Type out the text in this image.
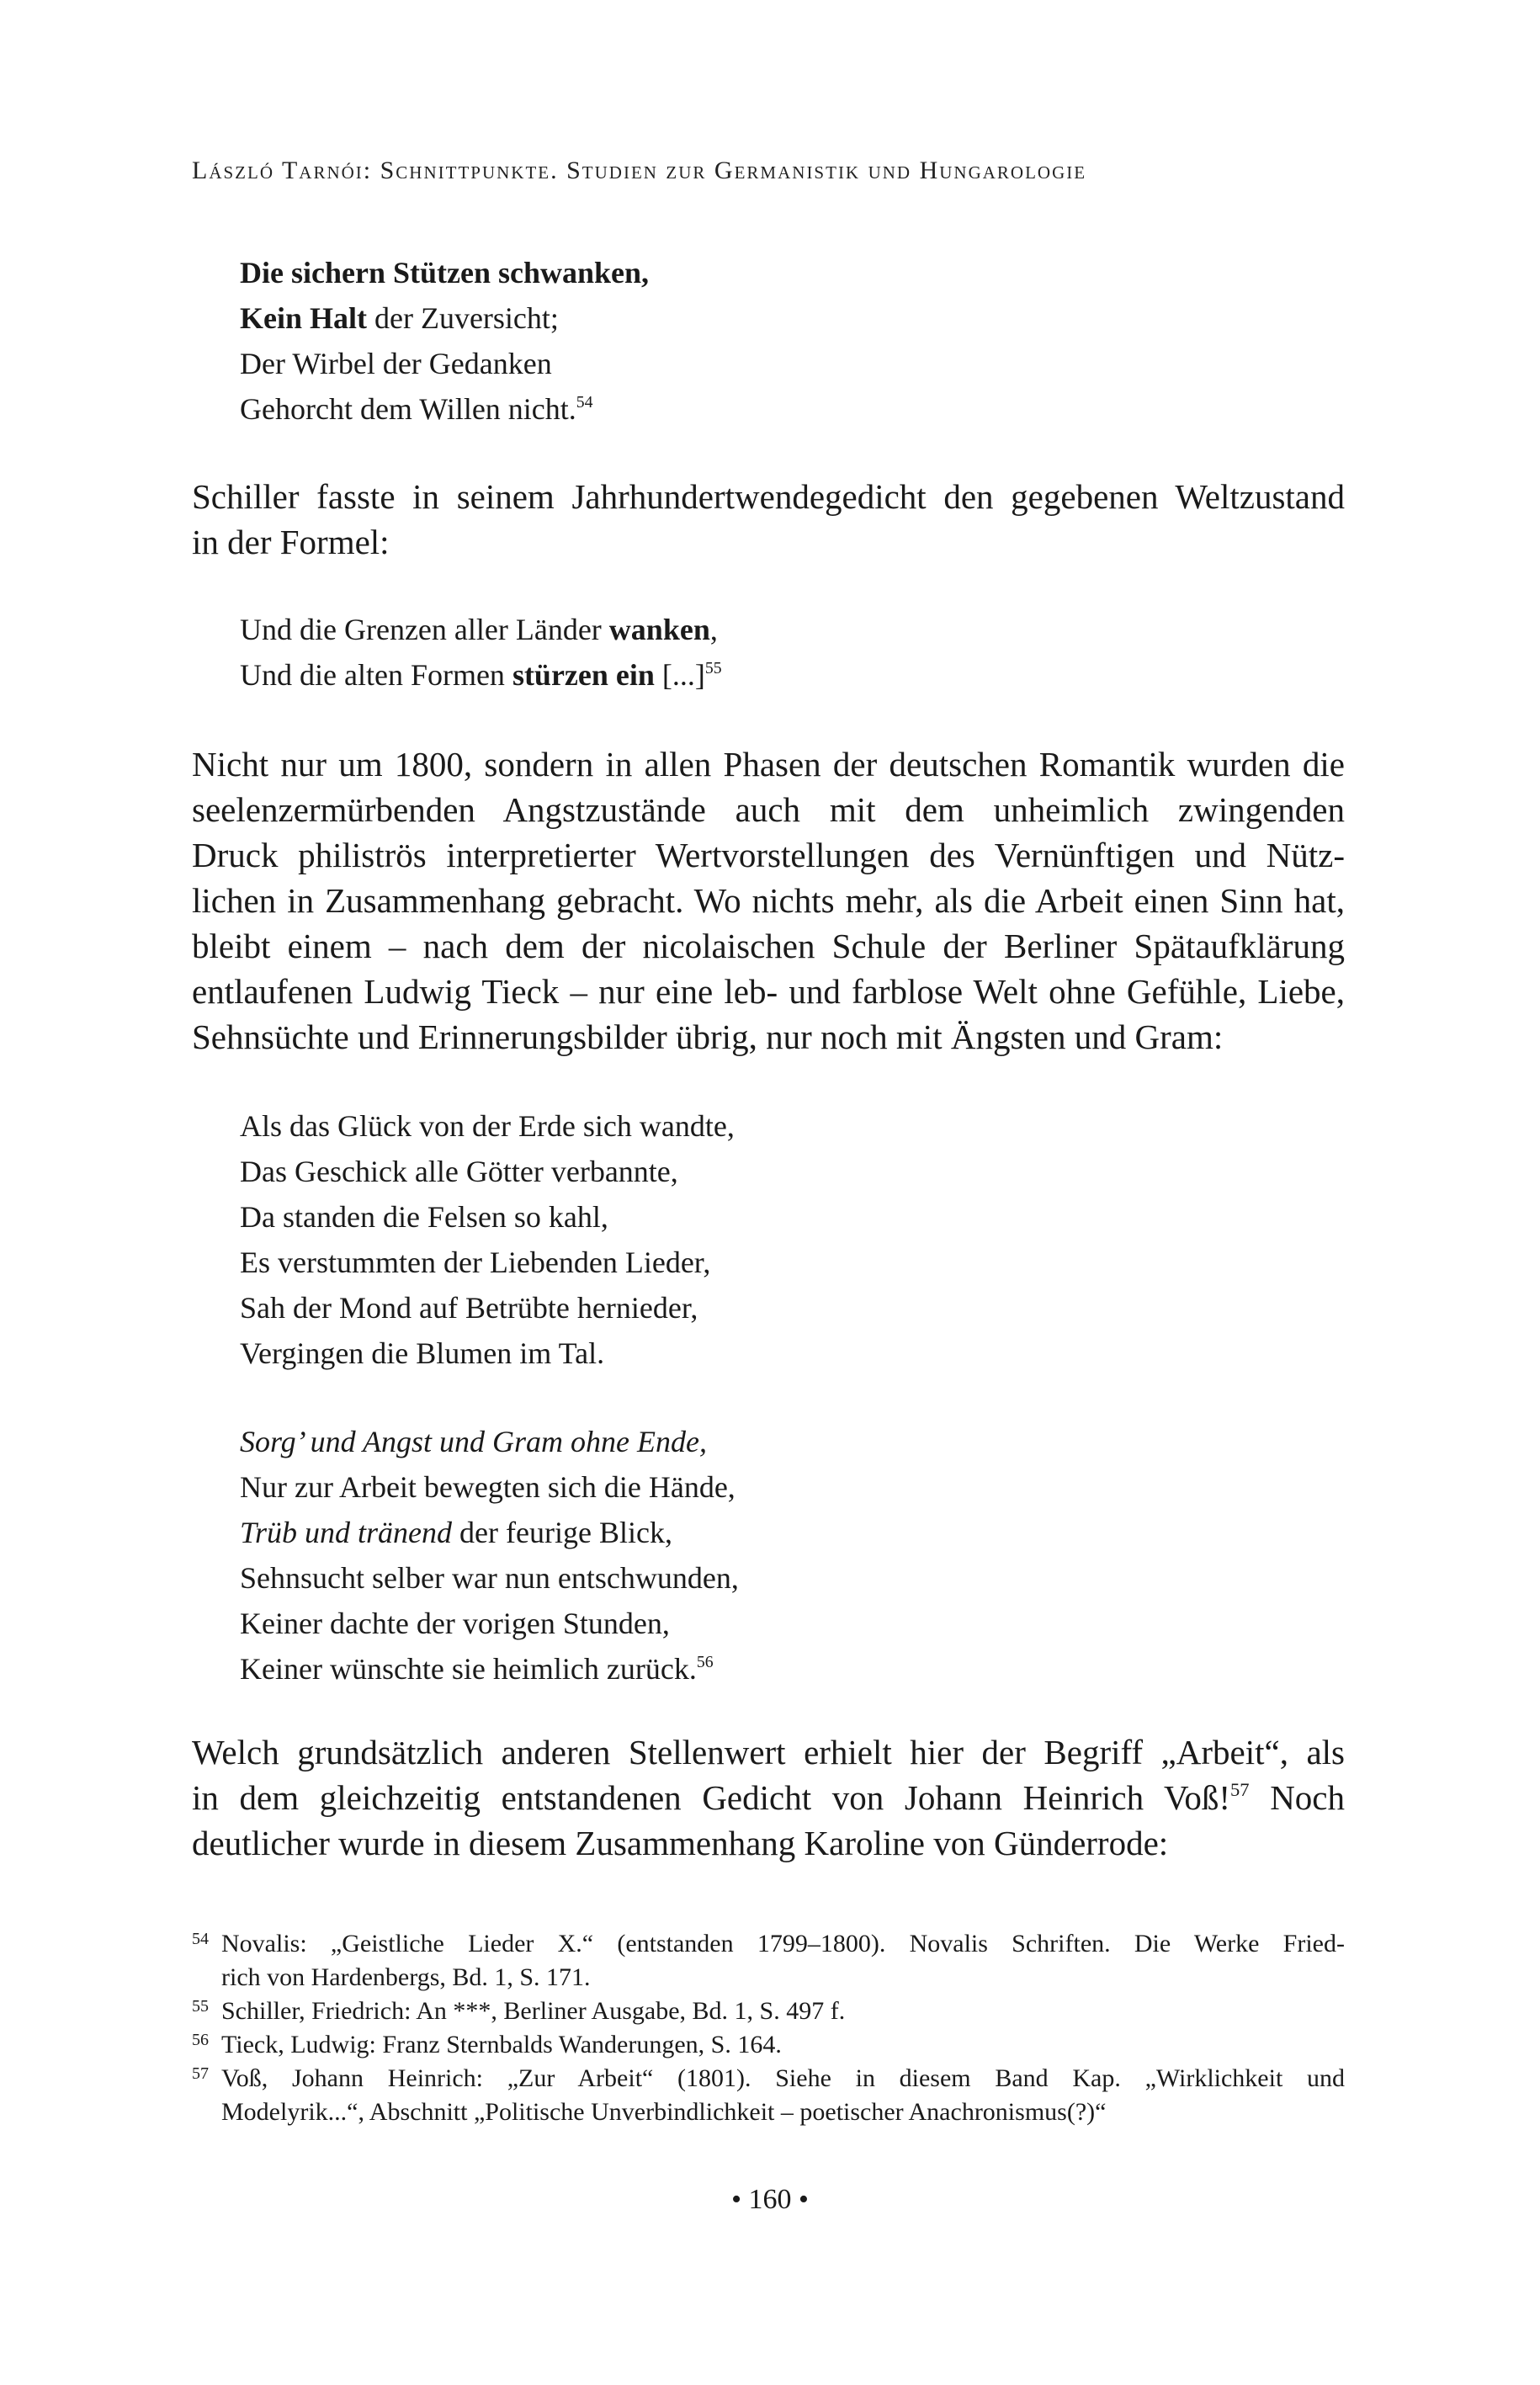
László Tarnói: Schnittpunkte. Studien zur Germanistik und Hungarologie
Die sichern Stützen schwanken,
Kein Halt der Zuversicht;
Der Wirbel der Gedanken
Gehorcht dem Willen nicht.$^{54}$
Schiller fasste in seinem Jahrhundertwendegedicht den gegebenen Weltzustand
in der Formel:
Und die Grenzen aller Länder wanken,
Und die alten Formen stürzen ein [...]$^{55}$
Nicht nur um 1800, sondern in allen Phasen der deutschen Romantik wurden die
seelenzermürbenden Angstzustände auch mit dem unheimlich zwingenden
Druck philiströs interpretierter Wertvorstellungen des Vernünftigen und Nütz-
lichen in Zusammenhang gebracht. Wo nichts mehr, als die Arbeit einen Sinn hat,
bleibt einem – nach dem der nicolaischen Schule der Berliner Spätaufklärung
entlaufenen Ludwig Tieck – nur eine leb- und farblose Welt ohne Gefühle, Liebe,
Sehnsüchte und Erinnerungsbilder übrig, nur noch mit Ängsten und Gram:
Als das Glück von der Erde sich wandte,
Das Geschick alle Götter verbannte,
Da standen die Felsen so kahl,
Es verstummten der Liebenden Lieder,
Sah der Mond auf Betrübte hernieder,
Vergingen die Blumen im Tal.
Sorg’ und Angst und Gram ohne Ende,
Nur zur Arbeit bewegten sich die Hände,
Trüb und tränend der feurige Blick,
Sehnsucht selber war nun entschwunden,
Keiner dachte der vorigen Stunden,
Keiner wünschte sie heimlich zurück.$^{56}$
Welch grundsätzlich anderen Stellenwert erhielt hier der Begriff „Arbeit“, als
in dem gleichzeitig entstandenen Gedicht von Johann Heinrich Voß!$^{57}$ Noch
deutlicher wurde in diesem Zusammenhang Karoline von Günderrode:
54 Novalis: „Geistliche Lieder X.“ (entstanden 1799–1800). Novalis Schriften. Die Werke Fried-
rich von Hardenbergs, Bd. 1, S. 171.
55 Schiller, Friedrich: An ***, Berliner Ausgabe, Bd. 1, S. 497 f.
56 Tieck, Ludwig: Franz Sternbalds Wanderungen, S. 164.
57 Voß, Johann Heinrich: „Zur Arbeit“ (1801). Siehe in diesem Band Kap. „Wirklichkeit und
Modelyrik...“, Abschnitt „Politische Unverbindlichkeit – poetischer Anachronismus(?)“
• 160 •
